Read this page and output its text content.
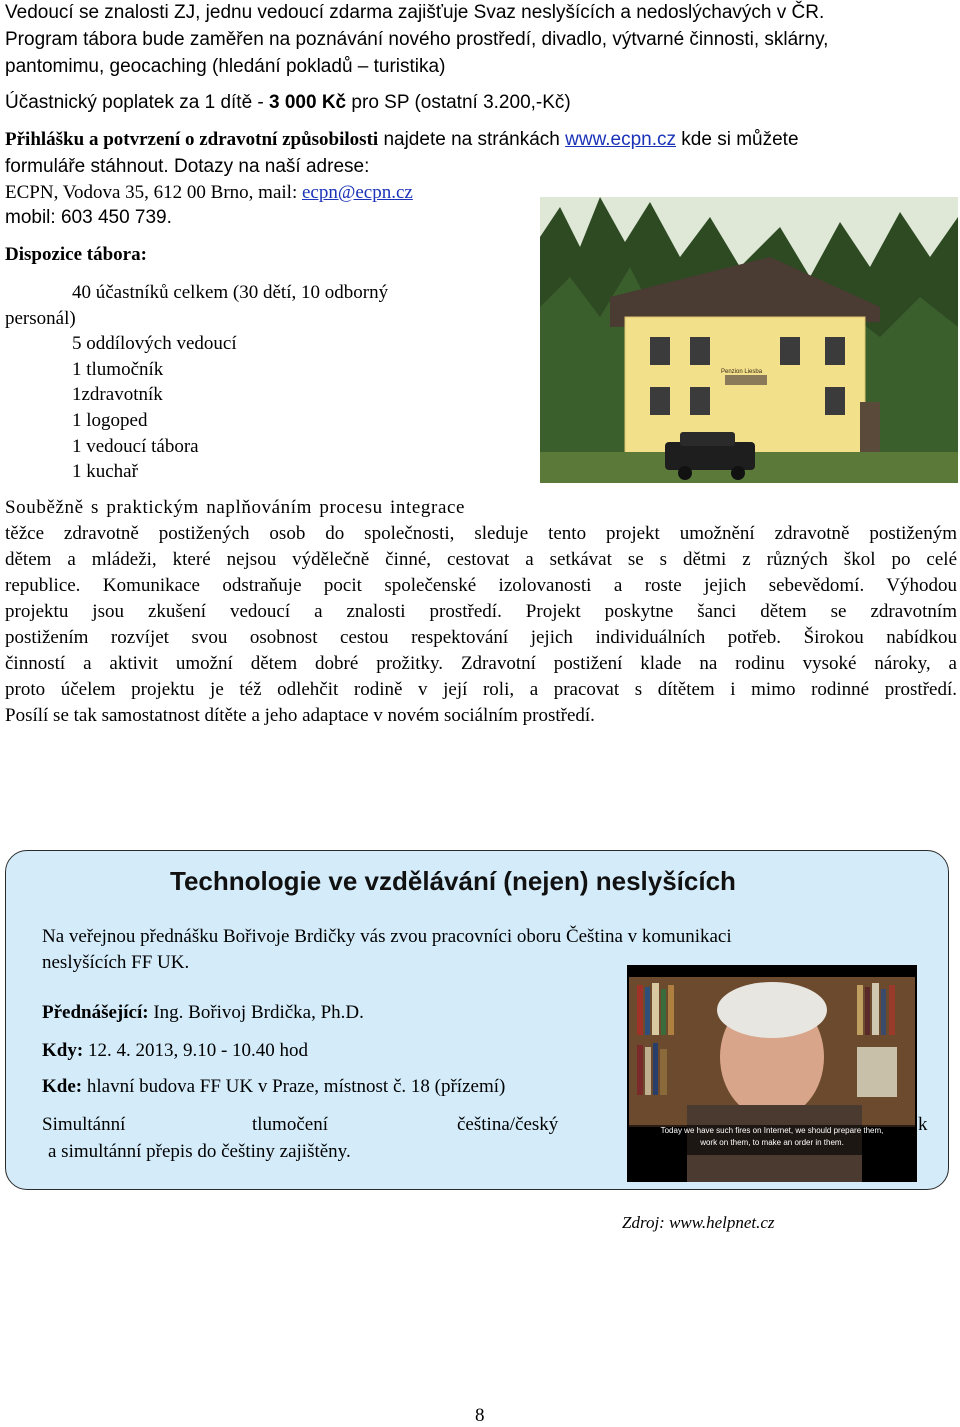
Vedoucí se znalosti ZJ, jednu vedoucí zdarma zajišťuje Svaz neslyšících a nedoslýchavých v ČR.
Program tábora bude zaměřen na poznávání nového prostředí, divadlo, výtvarné činnosti, sklárny,
pantomimu, geocaching (hledání pokladů – turistika)
Účastnický poplatek za 1 dítě - 3 000 Kč pro SP (ostatní 3.200,-Kč)
Přihlášku a potvrzení o zdravotní způsobilosti najdete na stránkách www.ecpn.cz kde si můžete
formuláře stáhnout. Dotazy na naší adrese:
ECPN, Vodova 35, 612 00 Brno, mail: ecpn@ecpn.cz
mobil: 603 450 739.
Dispozice tábora:
40 účastníků celkem (30 dětí, 10 odborný
personál)
5 oddílových vedoucí
1 tlumočník
1zdravotník
1 logoped
1 vedoucí tábora
1 kuchař
Penzion Liesba
Souběžně s praktickým naplňováním procesu integrace
těžce zdravotně postižených osob do společnosti, sleduje tento projekt umožnění zdravotně postiženým
dětem a mládeži, které nejsou výdělečně činné, cestovat a setkávat se s dětmi z různých škol po celé
republice. Komunikace odstraňuje pocit společenské izolovanosti a roste jejich sebevědomí. Výhodou
projektu jsou zkušení vedoucí a znalosti prostředí. Projekt poskytne šanci dětem se zdravotním
postižením rozvíjet svou osobnost cestou respektování jejich individuálních potřeb. Širokou nabídkou
činností a aktivit umožní dětem dobré prožitky. Zdravotní postižení klade na rodinu vysoké nároky, a
proto účelem projektu je též odlehčit rodině v její roli, a pracovat s dítětem i mimo rodinné prostředí.
Posílí se tak samostatnost dítěte a jeho adaptace v novém sociálním prostředí.
Technologie ve vzdělávání (nejen) neslyšících
Na veřejnou přednášku Bořivoje Brdičky vás zvou pracovníci oboru Čeština v komunikaci
neslyšících FF UK.
Přednášející: Ing. Bořivoj Brdička, Ph.D.
Kdy: 12. 4. 2013, 9.10 - 10.40 hod
Kde: hlavní budova FF UK v Praze, místnost č. 18 (přízemí)
Simultánní	tlumočení	čeština/český	k
a simultánní přepis do češtiny zajištěny.
Today we have such fires on Internet, we should prepare them,
work on them, to make an order in them.
Zdroj: www.helpnet.cz
8
